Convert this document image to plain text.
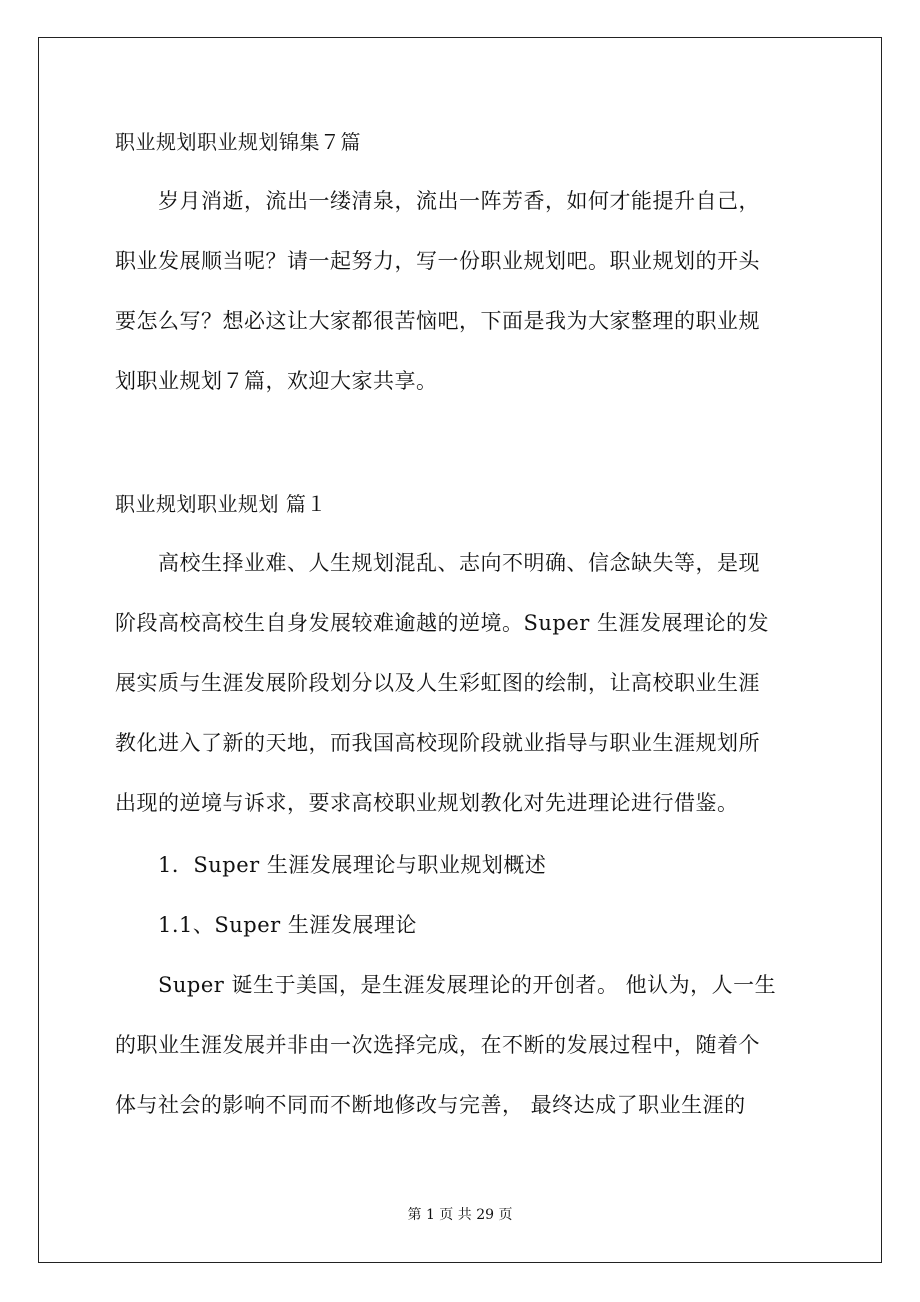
职业规划职业规划锦集７篇
岁月消逝，流出一缕清泉，流出一阵芳香，如何才能提升自己，
职业发展顺当呢？请一起努力，写一份职业规划吧。职业规划的开头
要怎么写？想必这让大家都很苦恼吧，下面是我为大家整理的职业规
划职业规划７篇，欢迎大家共享。
职业规划职业规划 篇１
高校生择业难、人生规划混乱、志向不明确、信念缺失等，是现
阶段高校高校生自身发展较难逾越的逆境。Super 生涯发展理论的发
展实质与生涯发展阶段划分以及人生彩虹图的绘制，让高校职业生涯
教化进入了新的天地，而我国高校现阶段就业指导与职业生涯规划所
出现的逆境与诉求，要求高校职业规划教化对先进理论进行借鉴。
1．Super 生涯发展理论与职业规划概述
1.1、Super 生涯发展理论
Super 诞生于美国，是生涯发展理论的开创者。 他认为，人一生
的职业生涯发展并非由一次选择完成，在不断的发展过程中，随着个
体与社会的影响不同而不断地修改与完善， 最终达成了职业生涯的
第 1 页 共 29 页
